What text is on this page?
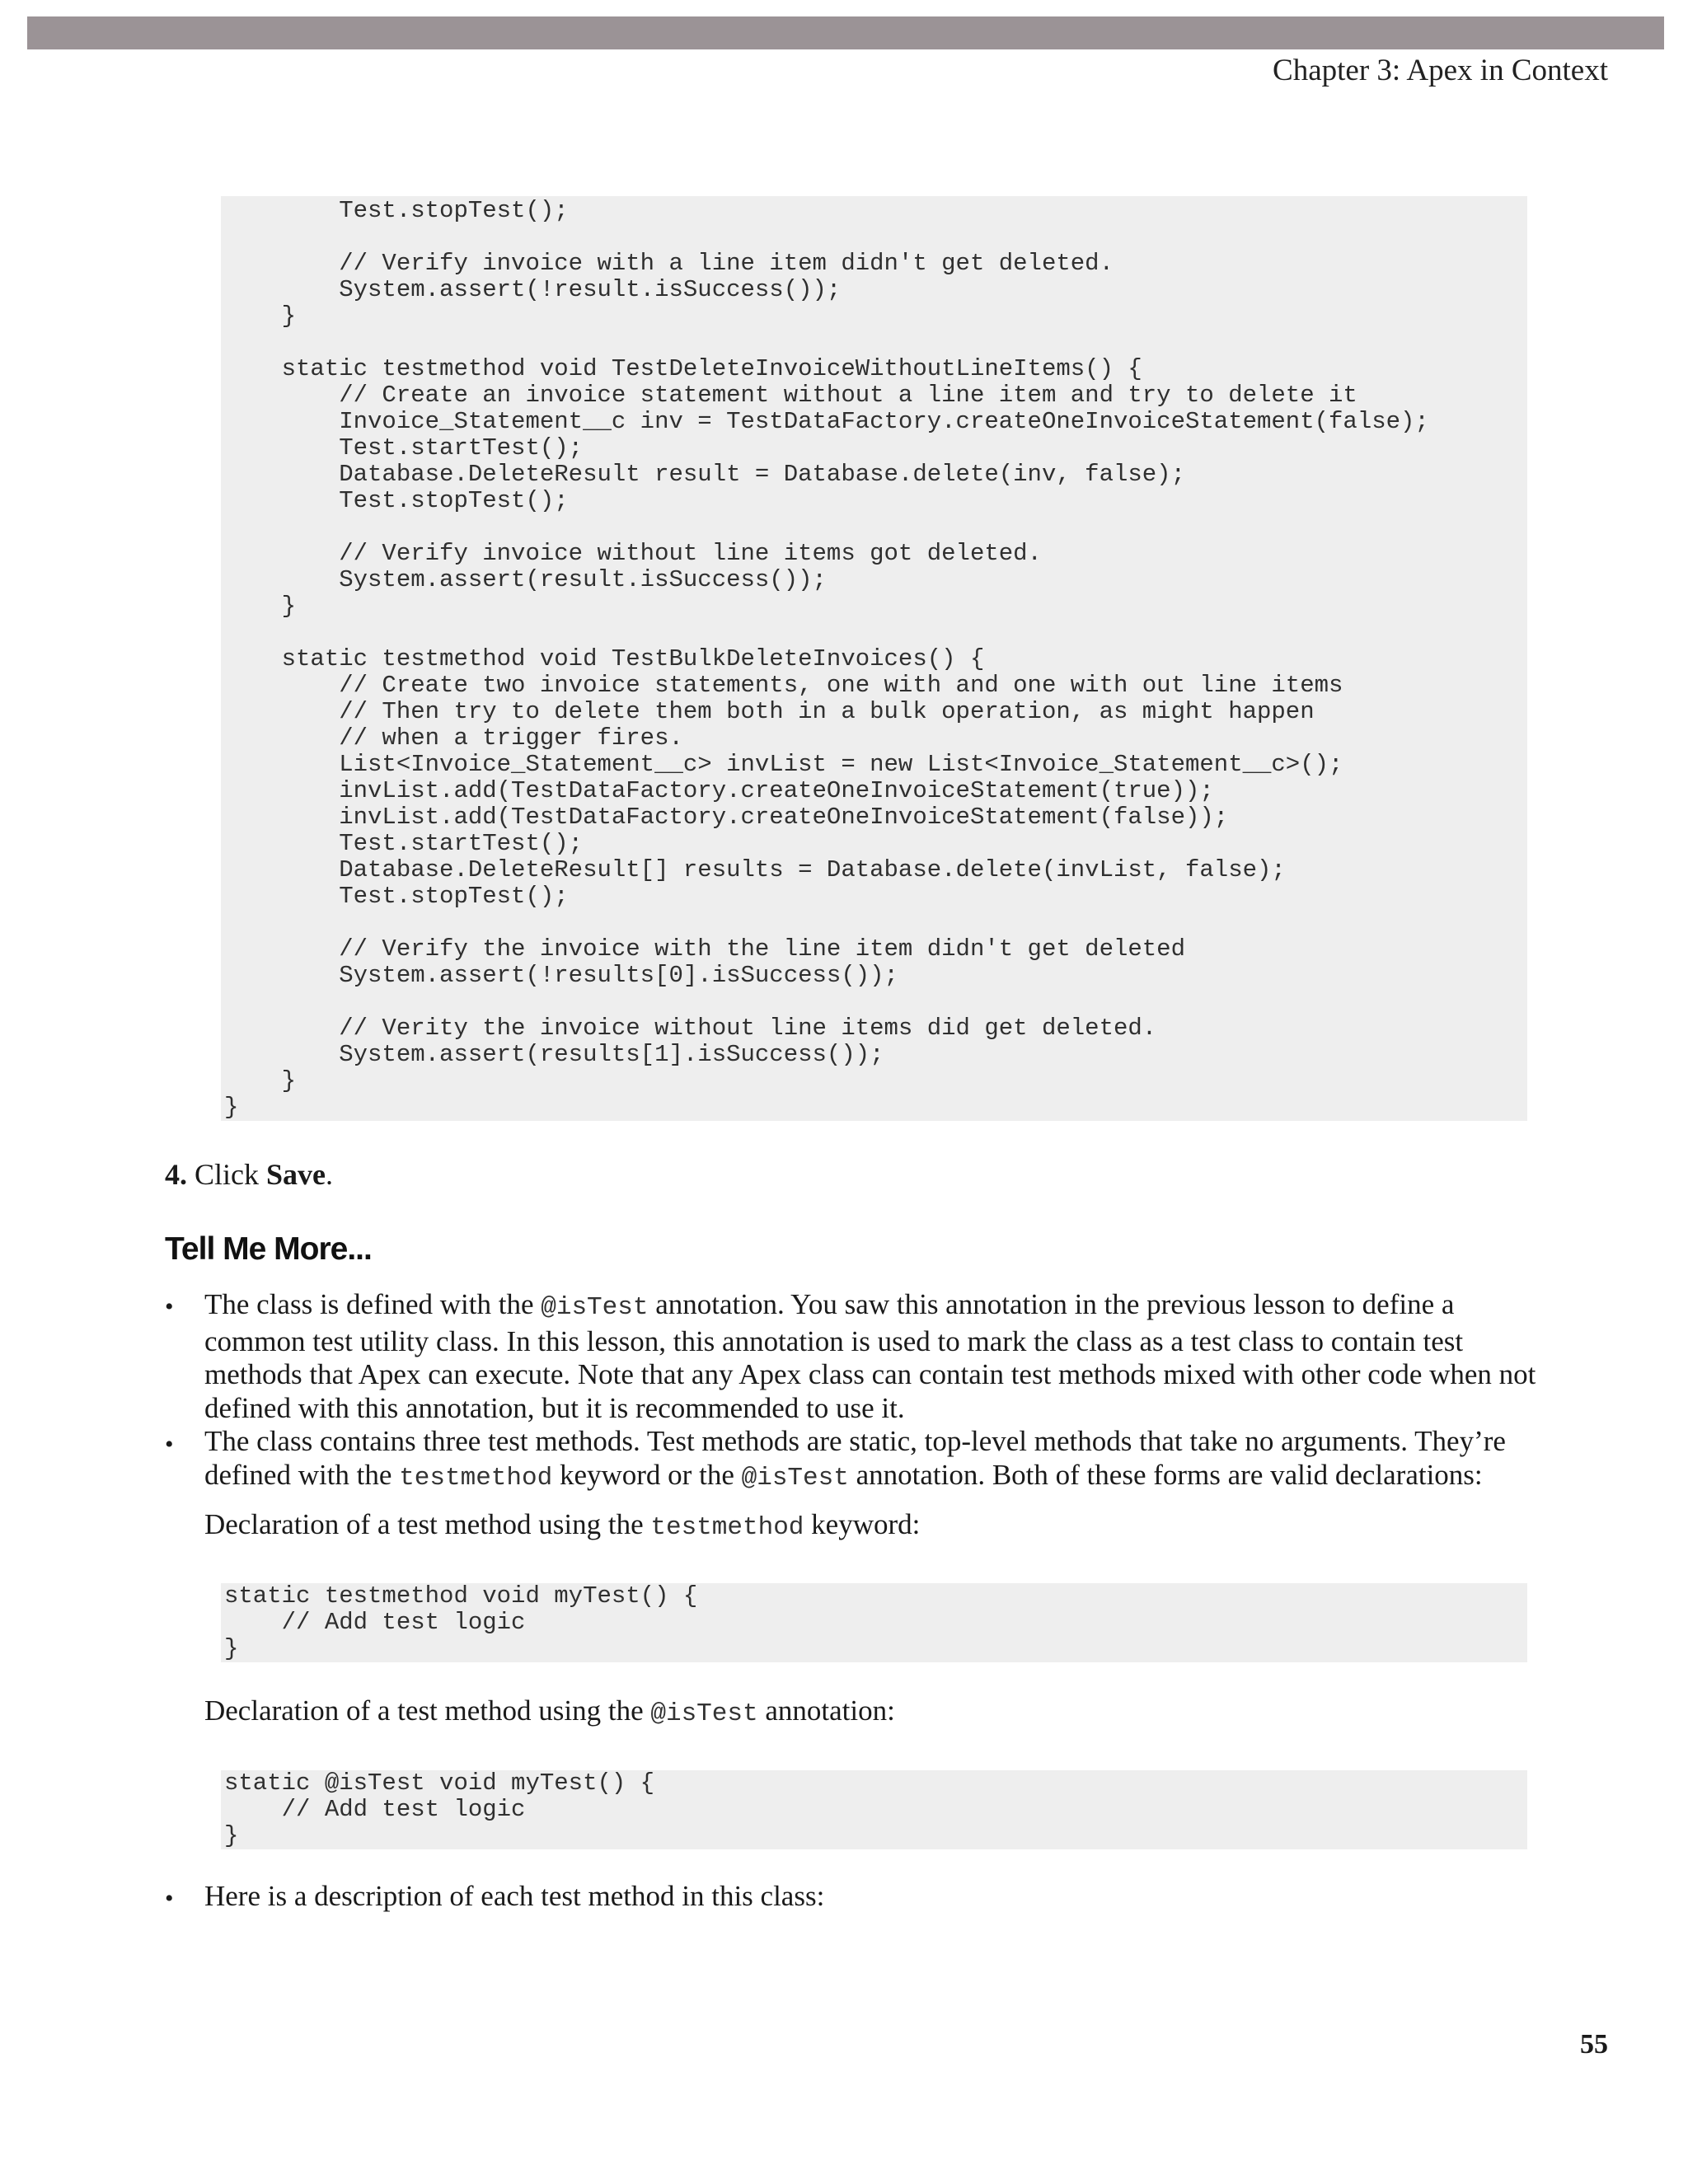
Chapter 3: Apex in Context
Test.stopTest();
// Verify invoice with a line item didn't get deleted.
System.assert(!result.isSuccess());
}
static testmethod void TestDeleteInvoiceWithoutLineItems() {
// Create an invoice statement without a line item and try to delete it
Invoice_Statement__c inv = TestDataFactory.createOneInvoiceStatement(false);
Test.startTest();
Database.DeleteResult result = Database.delete(inv, false);
Test.stopTest();
// Verify invoice without line items got deleted.
System.assert(result.isSuccess());
}
static testmethod void TestBulkDeleteInvoices() {
// Create two invoice statements, one with and one with out line items
// Then try to delete them both in a bulk operation, as might happen
// when a trigger fires.
List<Invoice_Statement__c> invList = new List<Invoice_Statement__c>();
invList.add(TestDataFactory.createOneInvoiceStatement(true));
invList.add(TestDataFactory.createOneInvoiceStatement(false));
Test.startTest();
Database.DeleteResult[] results = Database.delete(invList, false);
Test.stopTest();
// Verify the invoice with the line item didn't get deleted
System.assert(!results[0].isSuccess());
// Verity the invoice without line items did get deleted.
System.assert(results[1].isSuccess());
}
}
4. Click Save.
Tell Me More...
• The class is defined with the @isTest annotation. You saw this annotation in the previous lesson to define a common test utility class. In this lesson, this annotation is used to mark the class as a test class to contain test methods that Apex can execute. Note that any Apex class can contain test methods mixed with other code when not defined with this annotation, but it is recommended to use it.
• The class contains three test methods. Test methods are static, top-level methods that take no arguments. They’re defined with the testmethod keyword or the @isTest annotation. Both of these forms are valid declarations:
Declaration of a test method using the testmethod keyword:
static testmethod void myTest() {
// Add test logic
}
Declaration of a test method using the @isTest annotation:
static @isTest void myTest() {
// Add test logic
}
• Here is a description of each test method in this class:
55
